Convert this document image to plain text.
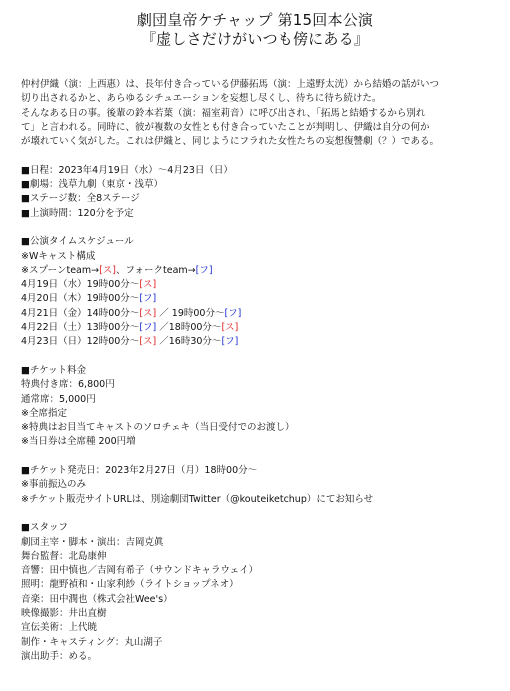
劇団皇帝ケチャップ 第15回本公演
『虚しさだけがいつも傍にある』
仲村伊織（演：上西惠）は、長年付き合っている伊藤拓馬（演：上遠野太洸）から結婚の話がいつ
切り出されるかと、あらゆるシチュエーションを妄想し尽くし、待ちに待ち続けた。
そんなある日の事。後輩の鈴本若葉（演：福室莉音）に呼び出され、「拓馬と結婚するから別れ
て」と言われる。同時に、彼が複数の女性とも付き合っていたことが判明し、伊織は自分の何か
が壊れていく気がした。これは伊織と、同じようにフラれた女性たちの妄想復讐劇（？）である。
■日程：2023年4月19日（水）～4月23日（日）
■劇場：浅草九劇（東京・浅草）
■ステージ数：全8ステージ
■上演時間：120分を予定
■公演タイムスケジュール
※Wキャスト構成
※スプーンteam→[ス]、フォークteam→[フ]
4月19日（水）19時00分～[ス]
4月20日（木）19時00分～[フ]
4月21日（金）14時00分～[ス] ／ 19時00分～[フ]
4月22日（土）13時00分～[フ] ／18時00分～[ス]
4月23日（日）12時00分～[ス] ／16時30分～[フ]
■チケット料金
特典付き席：6,800円
通常席：5,000円
※全席指定
※特典はお目当てキャストのソロチェキ（当日受付でのお渡し）
※当日券は全席種 200円増
■チケット発売日：2023年2月27日（月）18時00分～
※事前振込のみ
※チケット販売サイトURLは、別途劇団Twitter（@kouteiketchup）にてお知らせ
■スタッフ
劇団主宰・脚本・演出：吉岡克眞
舞台監督：北島康伸
音響：田中慎也／吉岡有希子（サウンドキャラウェイ）
照明：龍野禎和・山家利紗（ライトショップネオ）
音楽：田中潤也（株式会社Wee's）
映像撮影：井出直樹
宣伝美術：上代暁
制作・キャスティング：丸山湖子
演出助手：める。
